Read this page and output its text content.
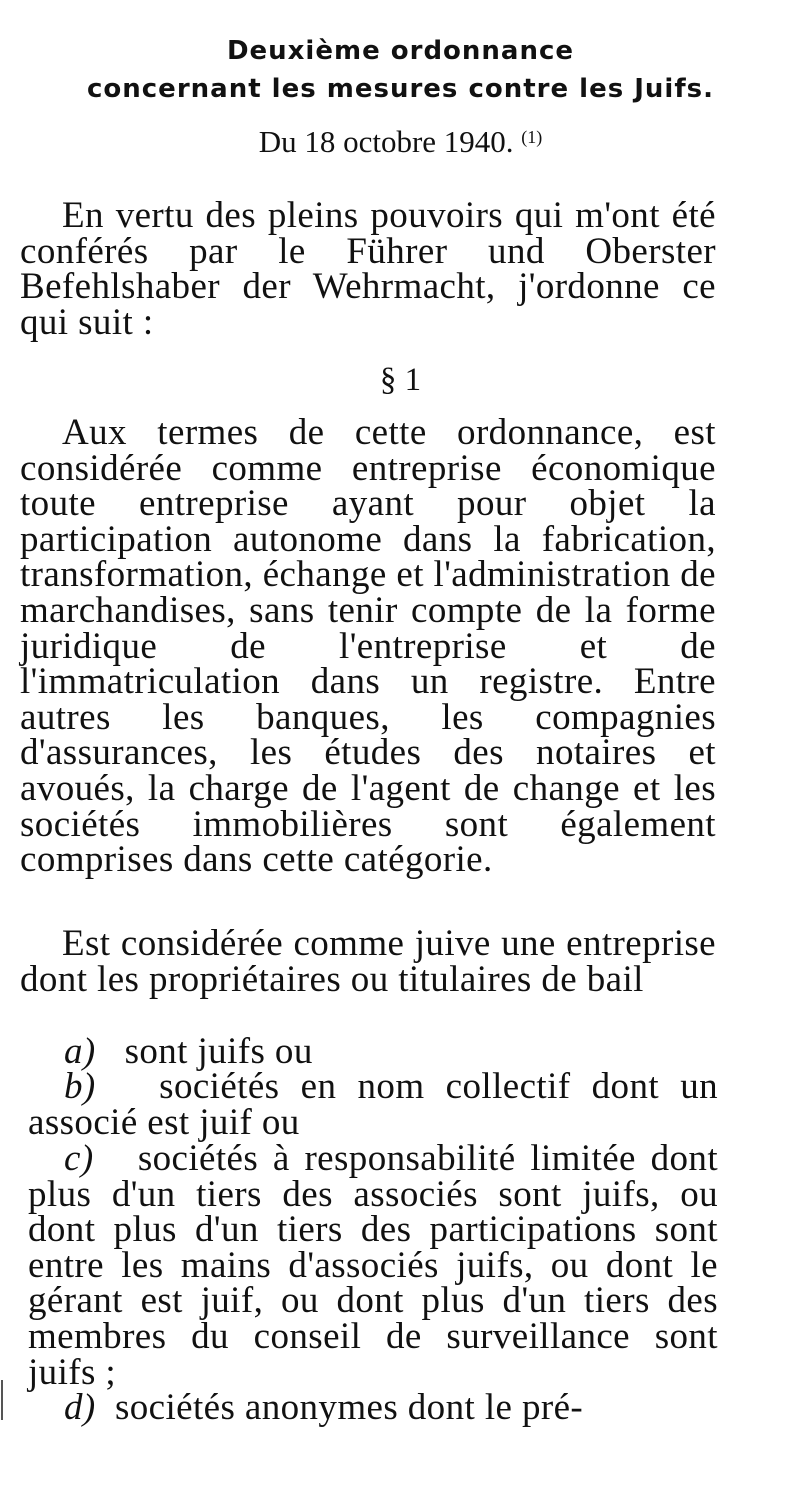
Deuxième ordonnance
concernant les mesures contre les Juifs.
Du 18 octobre 1940. $^{(1)}$
En vertu des pleins pouvoirs qui m'ont été conférés par le Führer und Oberster Befehlshaber der Wehrmacht, j'ordonne ce qui suit :
§ 1
Aux termes de cette ordonnance, est considérée comme entreprise économique toute entreprise ayant pour objet la participation autonome dans la fabrication, transformation, échange et l'administration de marchandises, sans tenir compte de la forme juridique de l'entreprise et de l'immatriculation dans un registre. Entre autres les banques, les compagnies d'assurances, les études des notaires et avoués, la charge de l'agent de change et les sociétés immobilières sont également comprises dans cette catégorie.
Est considérée comme juive une entreprise dont les propriétaires ou titulaires de bail
a) sont juifs ou
b) sociétés en nom collectif dont un associé est juif ou
c) sociétés à responsabilité limitée dont plus d'un tiers des associés sont juifs, ou dont plus d'un tiers des participations sont entre les mains d'associés juifs, ou dont le gérant est juif, ou dont plus d'un tiers des membres du conseil de surveillance sont juifs ;
d) sociétés anonymes dont le pré-
